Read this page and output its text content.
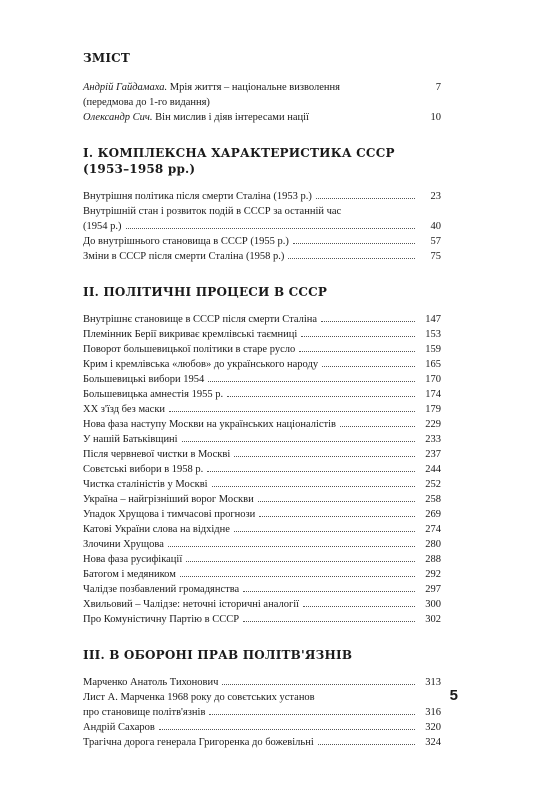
ЗМІСТ
Андрій Гайдамаха. Мрія життя – національне визволення	7
(передмова до 1-го видання)
Олександр Сич. Він мислив і діяв інтересами нації	10
I. КОМПЛЕКСНА ХАРАКТЕРИСТИКА СССР (1953–1958 рр.)
Внутрішня політика після смерти Сталіна (1953 р.)	23
Внутрішній стан і розвиток подій в СССР за останній час
(1954 р.)	40
До внутрішнього становища в СССР (1955 р.)	57
Зміни в СССР після смерти Сталіна (1958 р.)	75
II. ПОЛІТИЧНІ ПРОЦЕСИ В СССР
Внутрішнє становище в СССР після смерти Сталіна	147
Племінник Берії викриває кремлівські таємниці	153
Поворот большевицької політики в старе русло	159
Крим і кремлівська «любов» до українського народу	165
Большевицькі вибори 1954	170
Большевицька амнестія 1955 р.	174
XX з'їзд без маски	179
Нова фаза наступу Москви на українських націоналістів	229
У нашій Батьківщині	233
Після червневої чистки в Москві	237
Совєтські вибори в 1958 р.	244
Чистка сталіністів у Москві	252
Україна – найгрізніший ворог Москви	258
Упадок Хрущова і тимчасові прогнози	269
Катові України слова на відхідне	274
Злочини Хрущова	280
Нова фаза русифікації	288
Батогом і медяником	292
Чалідзе позбавлений громадянства	297
Хвильовий – Чалідзе: неточні історичні аналогії	300
Про Комуністичну Партію в СССР	302
III. В ОБОРОНІ ПРАВ ПОЛІТВ'ЯЗНІВ
Марченко Анатоль Тихонович	313
Лист А. Марченка 1968 року до совєтських установ
про становище політв'язнів	316
Андрій Сахаров	320
Трагічна дорога генерала Григоренка до божевільні	324
5
